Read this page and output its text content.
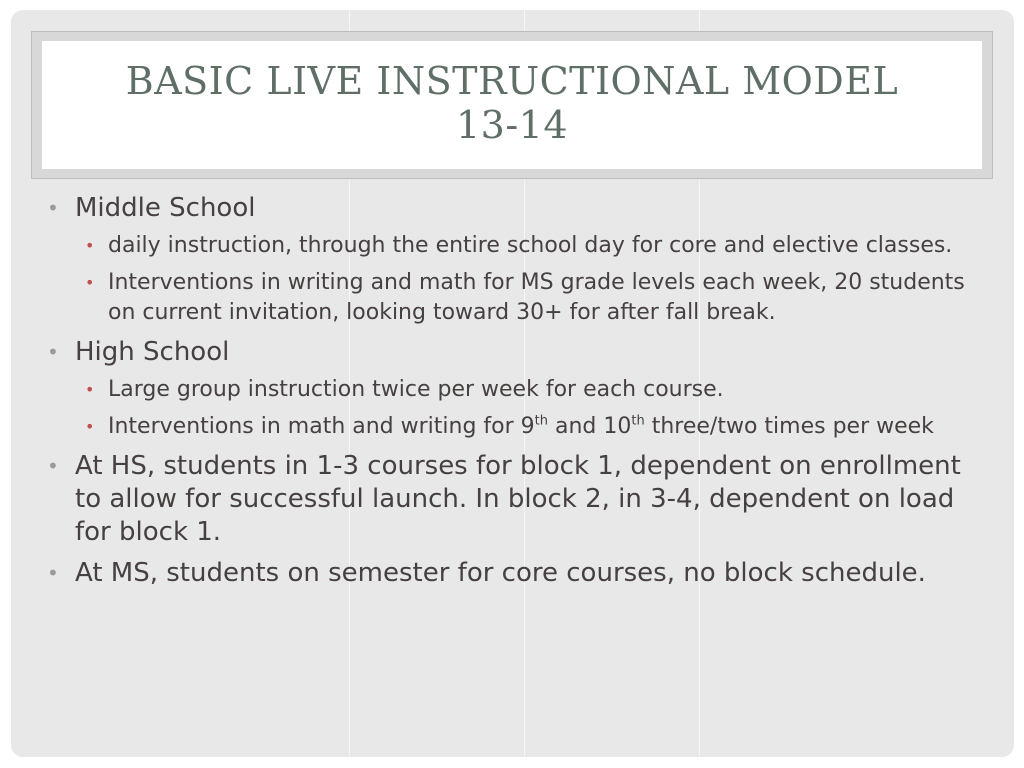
BASIC LIVE INSTRUCTIONAL MODEL
13-14
• Middle School
• daily instruction, through the entire school day for core and elective classes.
• Interventions in writing and math for MS grade levels each week, 20 students on current invitation, looking toward 30+ for after fall break.
• High School
• Large group instruction twice per week for each course.
• Interventions in math and writing for 9th and 10th three/two times per week
• At HS, students in 1-3 courses for block 1, dependent on enrollment to allow for successful launch. In block 2, in 3-4, dependent on load for block 1.
• At MS, students on semester for core courses, no block schedule.
